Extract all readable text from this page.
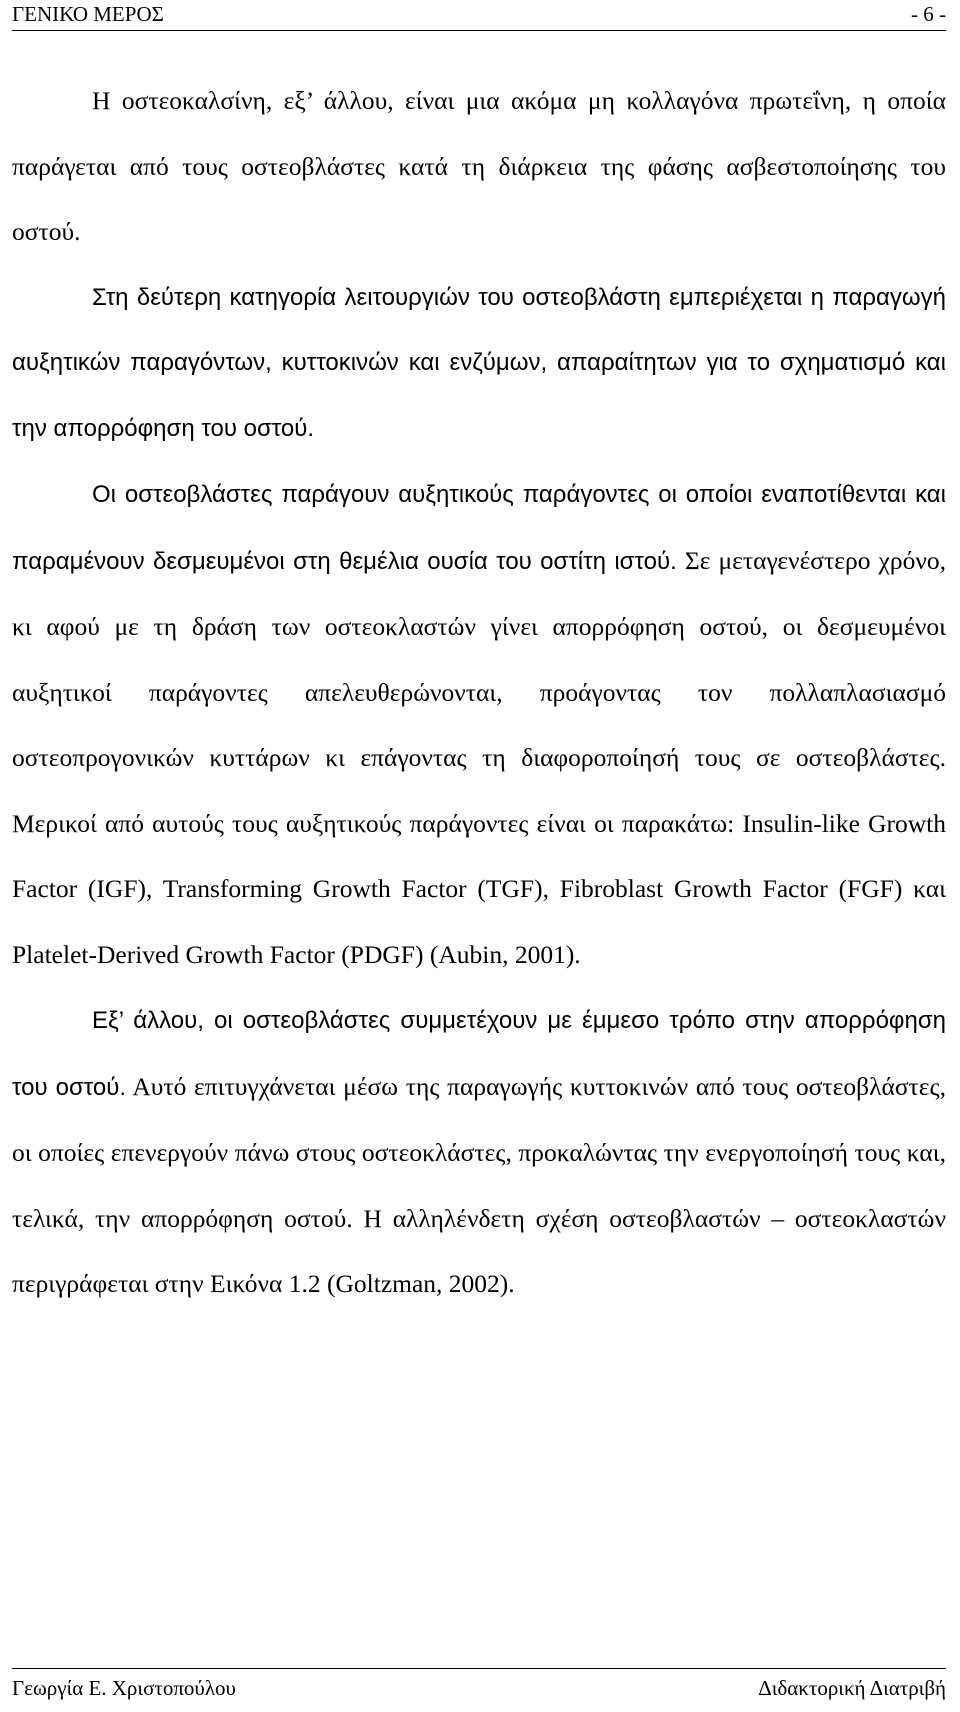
ΓΕΝΙΚΟ ΜΕΡΟΣ	- 6 -

Η οστεοκαλσίνη, εξ’ άλλου, είναι μια ακόμα μη κολλαγόνα πρωτεΐνη, η οποία παράγεται από τους οστεοβλάστες κατά τη διάρκεια της φάσης ασβεστοποίησης του οστού.

Στη δεύτερη κατηγορία λειτουργιών του οστεοβλάστη εμπεριέχεται η παραγωγή αυξητικών παραγόντων, κυττοκινών και ενζύμων, απαραίτητων για το σχηματισμό και την απορρόφηση του οστού.

Οι οστεοβλάστες παράγουν αυξητικούς παράγοντες οι οποίοι εναποτίθενται και παραμένουν δεσμευμένοι στη θεμέλια ουσία του οστίτη ιστού. Σε μεταγενέστερο χρόνο, κι αφού με τη δράση των οστεοκλαστών γίνει απορρόφηση οστού, οι δεσμευμένοι αυξητικοί παράγοντες απελευθερώνονται, προάγοντας τον πολλαπλασιασμό οστεοπρογονικών κυττάρων κι επάγοντας τη διαφοροποίησή τους σε οστεοβλάστες. Μερικοί από αυτούς τους αυξητικούς παράγοντες είναι οι παρακάτω: Insulin-like Growth Factor (IGF), Transforming Growth Factor (TGF), Fibroblast Growth Factor (FGF) και Platelet-Derived Growth Factor (PDGF) (Aubin, 2001).

Εξ’ άλλου, οι οστεοβλάστες συμμετέχουν με έμμεσο τρόπο στην απορρόφηση του οστού. Αυτό επιτυγχάνεται μέσω της παραγωγής κυττοκινών από τους οστεοβλάστες, οι οποίες επενεργούν πάνω στους οστεοκλάστες, προκαλώντας την ενεργοποίησή τους και, τελικά, την απορρόφηση οστού. Η αλληλένδετη σχέση οστεοβλαστών – οστεοκλαστών περιγράφεται στην Εικόνα 1.2 (Goltzman, 2002).

Γεωργία Ε. Χριστοπούλου	Διδακτορική Διατριβή
